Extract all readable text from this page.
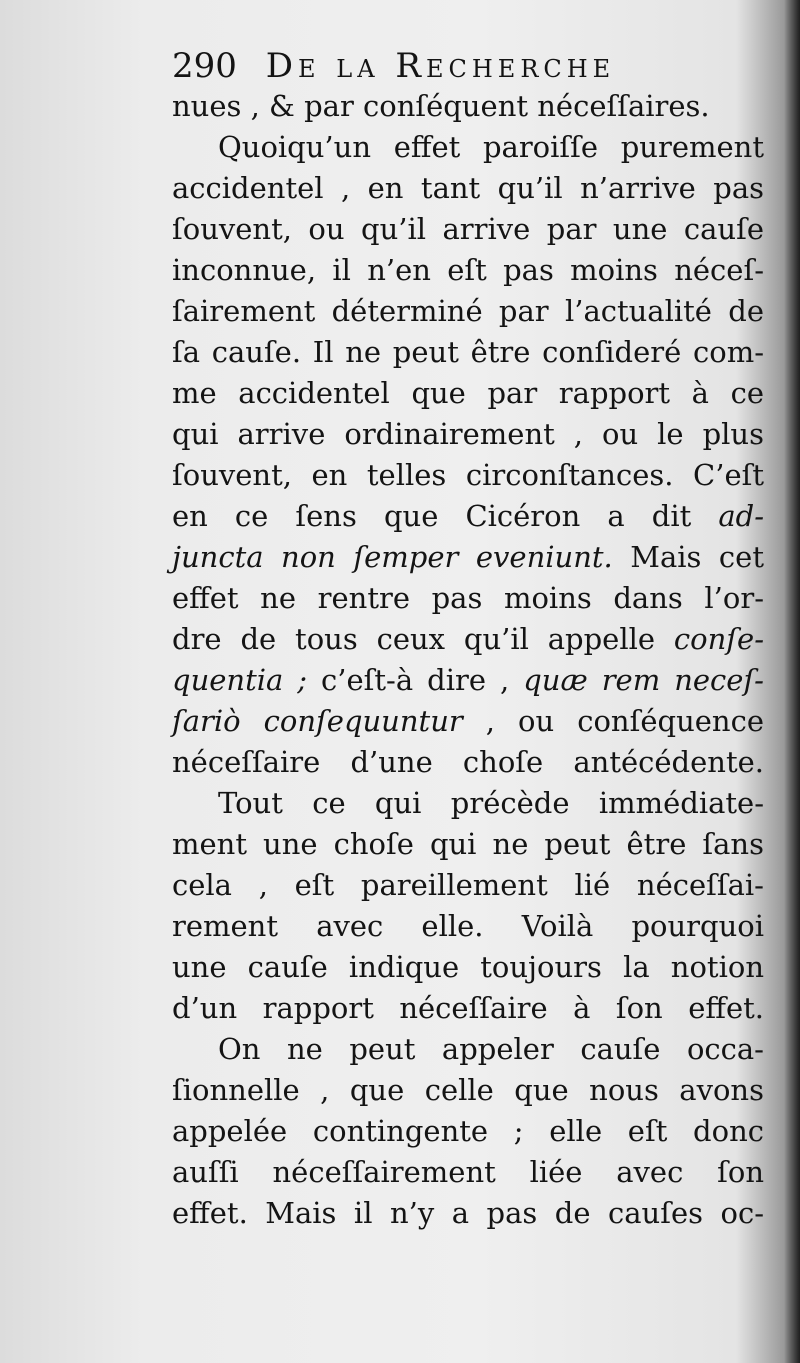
290 De la Recherche
nues , & par conſéquent néceſſaires.
Quoiqu’un effet paroiſſe purement
accidentel , en tant qu’il n’arrive pas
ſouvent, ou qu’il arrive par une cauſe
inconnue, il n’en eſt pas moins néceſ-
ſairement déterminé par l’actualité de
ſa cauſe. Il ne peut être conſideré com-
me accidentel que par rapport à ce
qui arrive ordinairement , ou le plus
ſouvent, en telles circonſtances. C’eſt
en ce ſens que Cicéron a dit ad-
juncta non ſemper eveniunt. Mais cet
effet ne rentre pas moins dans l’or-
dre de tous ceux qu’il appelle conſe-
quentia ; c’eſt-à dire , quæ rem neceſ-
ſariò conſequuntur , ou conſéquence
néceſſaire d’une choſe antécédente.
Tout ce qui précède immédiate-
ment une choſe qui ne peut être ſans
cela , eſt pareillement lié néceſſai-
rement avec elle. Voilà pourquoi
une cauſe indique toujours la notion
d’un rapport néceſſaire à ſon effet.
On ne peut appeler cauſe occa-
ſionnelle , que celle que nous avons
appelée contingente ; elle eſt donc
auſſi néceſſairement liée avec ſon
effet. Mais il n’y a pas de cauſes oc-
